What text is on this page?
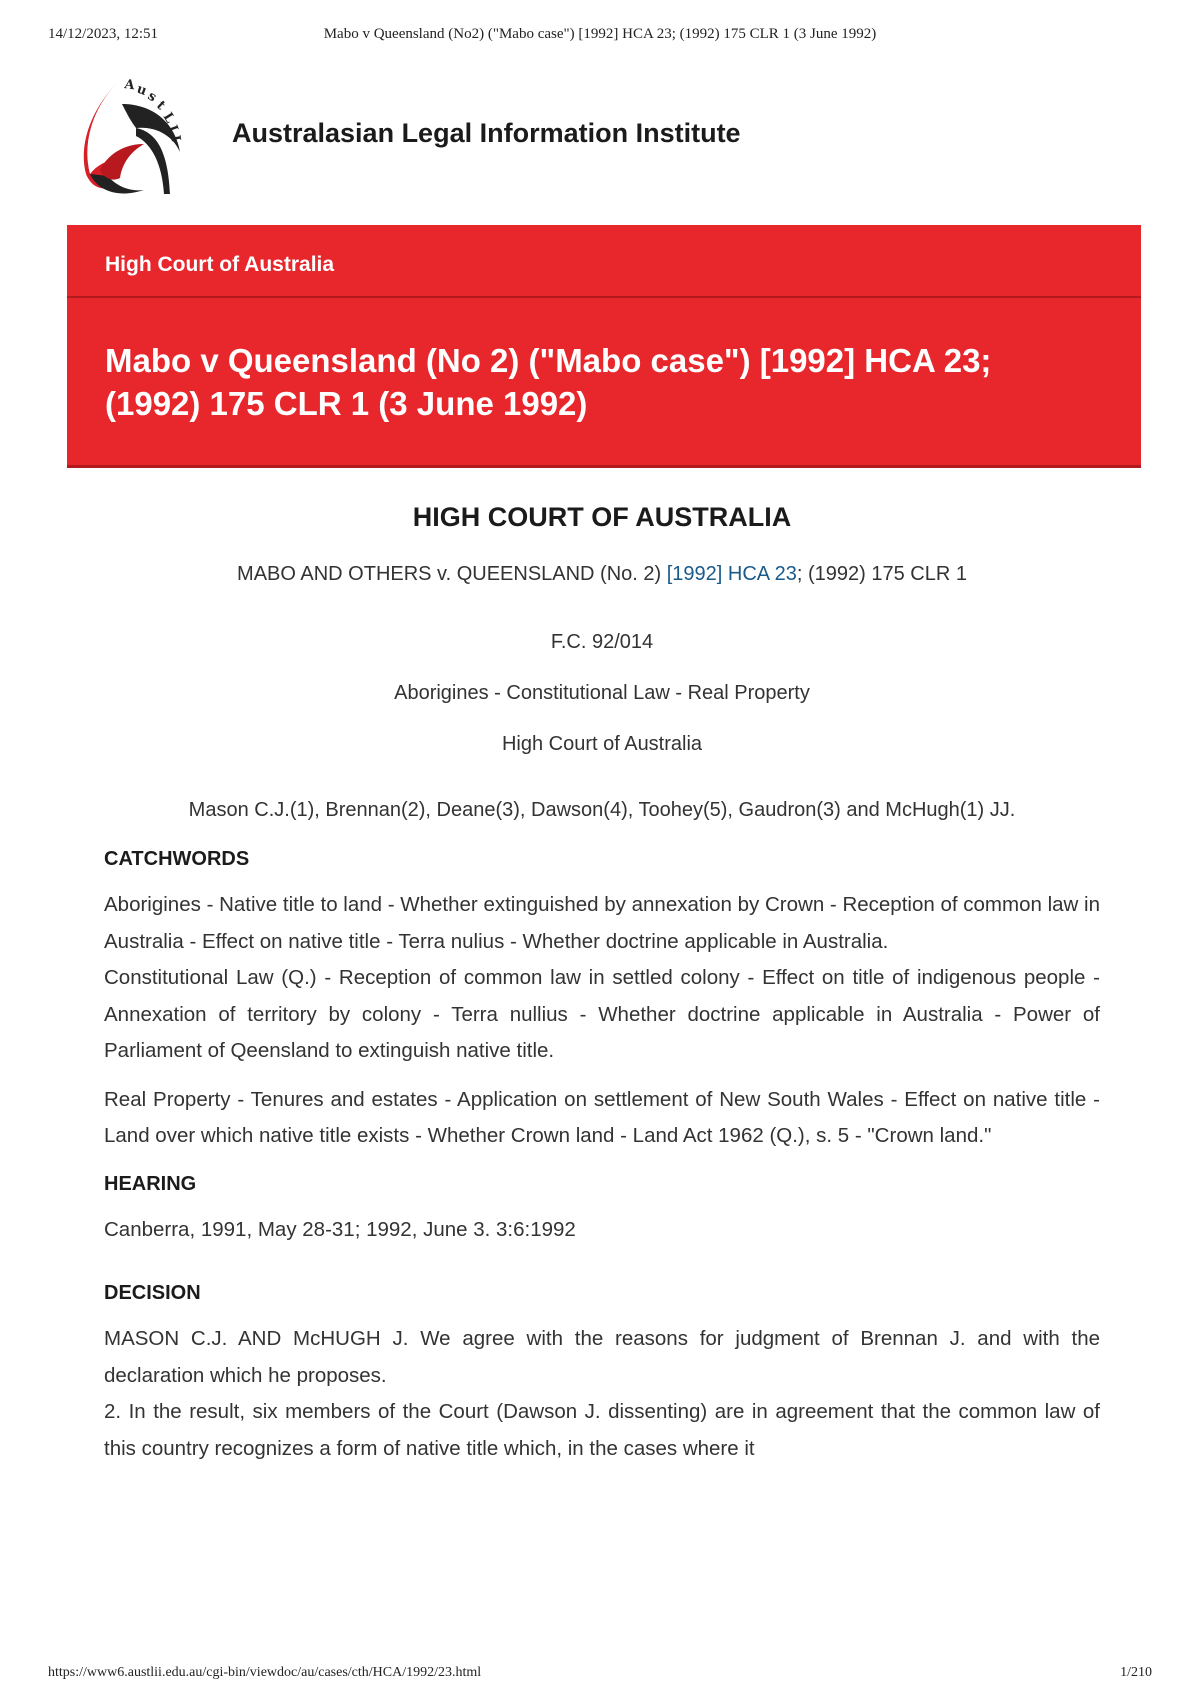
14/12/2023, 12:51	Mabo v Queensland (No2) ("Mabo case") [1992] HCA 23; (1992) 175 CLR 1 (3 June 1992)
A u
s
t
L
I
I Australasian Legal Information Institute
High Court of Australia
Mabo v Queensland (No 2) ("Mabo case") [1992] HCA 23;
(1992) 175 CLR 1 (3 June 1992)

HIGH COURT OF AUSTRALIA

MABO AND OTHERS v. QUEENSLAND (No. 2) [1992] HCA 23; (1992) 175 CLR 1

F.C. 92/014

Aborigines - Constitutional Law - Real Property

High Court of Australia

Mason C.J.(1), Brennan(2), Deane(3), Dawson(4), Toohey(5), Gaudron(3) and McHugh(1) JJ.

CATCHWORDS

Aborigines - Native title to land - Whether extinguished by annexation by Crown - Reception of common law in Australia - Effect on native title - Terra nulius - Whether doctrine applicable in Australia.

Constitutional Law (Q.) - Reception of common law in settled colony - Effect on title of indigenous people - Annexation of territory by colony - Terra nullius - Whether doctrine applicable in Australia - Power of Parliament of Qeensland to extinguish native title.

Real Property - Tenures and estates - Application on settlement of New South Wales - Effect on native title - Land over which native title exists - Whether Crown land - Land Act 1962 (Q.), s. 5 - "Crown land."

HEARING

Canberra, 1991, May 28-31; 1992, June 3. 3:6:1992

DECISION

MASON C.J. AND McHUGH J. We agree with the reasons for judgment of Brennan J. and with the declaration which he proposes.

2. In the result, six members of the Court (Dawson J. dissenting) are in agreement that the common law of this country recognizes a form of native title which, in the cases where it

https://www6.austlii.edu.au/cgi-bin/viewdoc/au/cases/cth/HCA/1992/23.html	1/210
